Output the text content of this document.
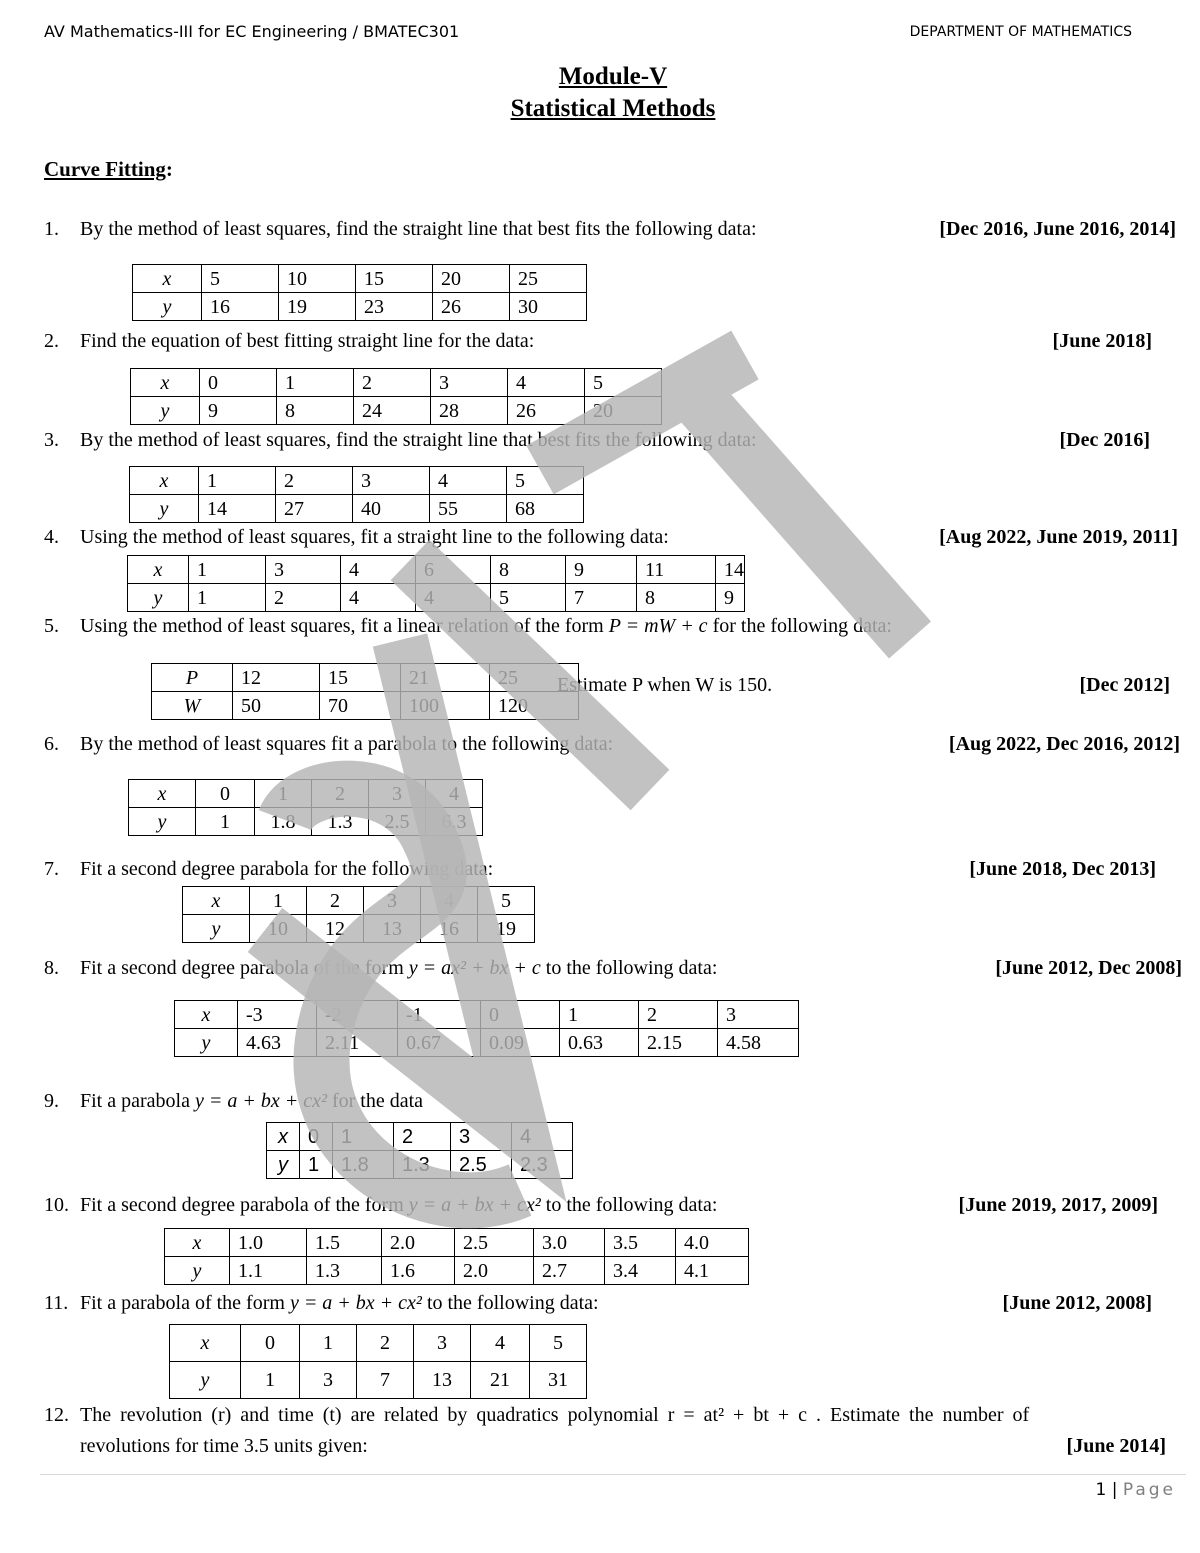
AV Mathematics-III for EC Engineering / BMATEC301	DEPARTMENT OF MATHEMATICS
Module-V
Statistical Methods
Curve Fitting:
1. By the method of least squares, find the straight line that best fits the following data:	[Dec 2016, June 2016, 2014]
x	5	10	15	20	25
y	16	19	23	26	30
2. Find the equation of best fitting straight line for the data:	[June 2018]
x	0	1	2	3	4	5
y	9	8	24	28	26	20
3. By the method of least squares, find the straight line that best fits the following data:	[Dec 2016]
x	1	2	3	4	5
y	14	27	40	55	68
4. Using the method of least squares, fit a straight line to the following data:	[Aug 2022, June 2019, 2011]
x	1	3	4	6	8	9	11	14
y	1	2	4	4	5	7	8	9
5. Using the method of least squares, fit a linear relation of the form P = mW + c for the following data:
P	12	15	21	25
W	50	70	100	120
Estimate P when W is 150.	[Dec 2012]
6. By the method of least squares fit a parabola to the following data:	[Aug 2022, Dec 2016, 2012]
x	0	1	2	3	4
y	1	1.8	1.3	2.5	6.3
7. Fit a second degree parabola for the following data:	[June 2018, Dec 2013]
x	1	2	3	4	5
y	10	12	13	16	19
8. Fit a second degree parabola of the form y = ax² + bx + c to the following data:	[June 2012, Dec 2008]
x	-3	-2	-1	0	1	2	3
y	4.63	2.11	0.67	0.09	0.63	2.15	4.58
9. Fit a parabola y = a + bx + cx² for the data
x	0	1	2	3	4
y	1	1.8	1.3	2.5	2.3
10. Fit a second degree parabola of the form y = a + bx + cx² to the following data:	[June 2019, 2017, 2009]
x	1.0	1.5	2.0	2.5	3.0	3.5	4.0
y	1.1	1.3	1.6	2.0	2.7	3.4	4.1
11. Fit a parabola of the form y = a + bx + cx² to the following data:	[June 2012, 2008]
x	0	1	2	3	4	5
y	1	3	7	13	21	31
12. The revolution (r) and time (t) are related by quadratics polynomial r = at² + bt + c . Estimate the number of
revolutions for time 3.5 units given:	[June 2014]
1 | Page
